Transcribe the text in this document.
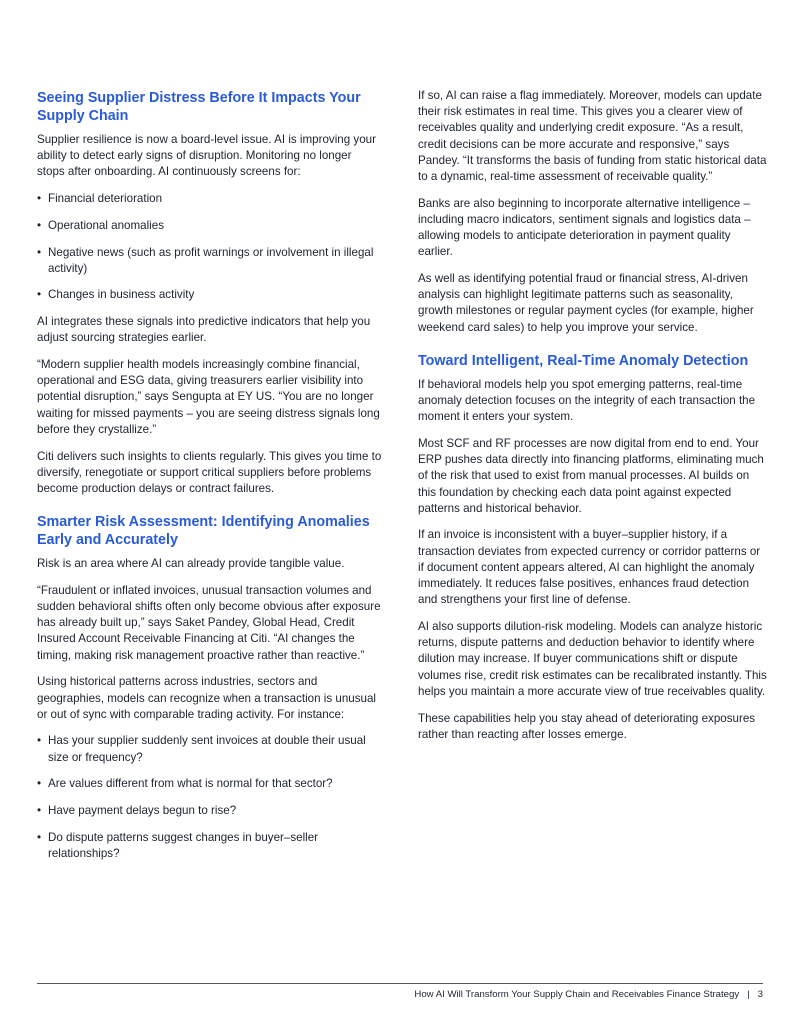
Seeing Supplier Distress Before It Impacts Your Supply Chain

Supplier resilience is now a board-level issue. AI is improving your ability to detect early signs of disruption. Monitoring no longer stops after onboarding. AI continuously screens for:

• Financial deterioration
• Operational anomalies
• Negative news (such as profit warnings or involvement in illegal activity)
• Changes in business activity

AI integrates these signals into predictive indicators that help you adjust sourcing strategies earlier.

“Modern supplier health models increasingly combine financial, operational and ESG data, giving treasurers earlier visibility into potential disruption,” says Sengupta at EY US. “You are no longer waiting for missed payments – you are seeing distress signals long before they crystallize.”

Citi delivers such insights to clients regularly. This gives you time to diversify, renegotiate or support critical suppliers before problems become production delays or contract failures.

Smarter Risk Assessment: Identifying Anomalies Early and Accurately

Risk is an area where AI can already provide tangible value.

“Fraudulent or inflated invoices, unusual transaction volumes and sudden behavioral shifts often only become obvious after exposure has already built up,” says Saket Pandey, Global Head, Credit Insured Account Receivable Financing at Citi. “AI changes the timing, making risk management proactive rather than reactive.”

Using historical patterns across industries, sectors and geographies, models can recognize when a transaction is unusual or out of sync with comparable trading activity. For instance:

• Has your supplier suddenly sent invoices at double their usual size or frequency?
• Are values different from what is normal for that sector?
• Have payment delays begun to rise?
• Do dispute patterns suggest changes in buyer–seller relationships?

If so, AI can raise a flag immediately. Moreover, models can update their risk estimates in real time. This gives you a clearer view of receivables quality and underlying credit exposure. “As a result, credit decisions can be more accurate and responsive,” says Pandey. “It transforms the basis of funding from static historical data to a dynamic, real-time assessment of receivable quality.”

Banks are also beginning to incorporate alternative intelligence – including macro indicators, sentiment signals and logistics data – allowing models to anticipate deterioration in payment quality earlier.

As well as identifying potential fraud or financial stress, AI-driven analysis can highlight legitimate patterns such as seasonality, growth milestones or regular payment cycles (for example, higher weekend card sales) to help you improve your service.

Toward Intelligent, Real-Time Anomaly Detection

If behavioral models help you spot emerging patterns, real-time anomaly detection focuses on the integrity of each transaction the moment it enters your system.

Most SCF and RF processes are now digital from end to end. Your ERP pushes data directly into financing platforms, eliminating much of the risk that used to exist from manual processes. AI builds on this foundation by checking each data point against expected patterns and historical behavior.

If an invoice is inconsistent with a buyer–supplier history, if a transaction deviates from expected currency or corridor patterns or if document content appears altered, AI can highlight the anomaly immediately. It reduces false positives, enhances fraud detection and strengthens your first line of defense.

AI also supports dilution-risk modeling. Models can analyze historic returns, dispute patterns and deduction behavior to identify where dilution may increase. If buyer communications shift or dispute volumes rise, credit risk estimates can be recalibrated instantly. This helps you maintain a more accurate view of true receivables quality.

These capabilities help you stay ahead of deteriorating exposures rather than reacting after losses emerge.

How AI Will Transform Your Supply Chain and Receivables Finance Strategy | 3
